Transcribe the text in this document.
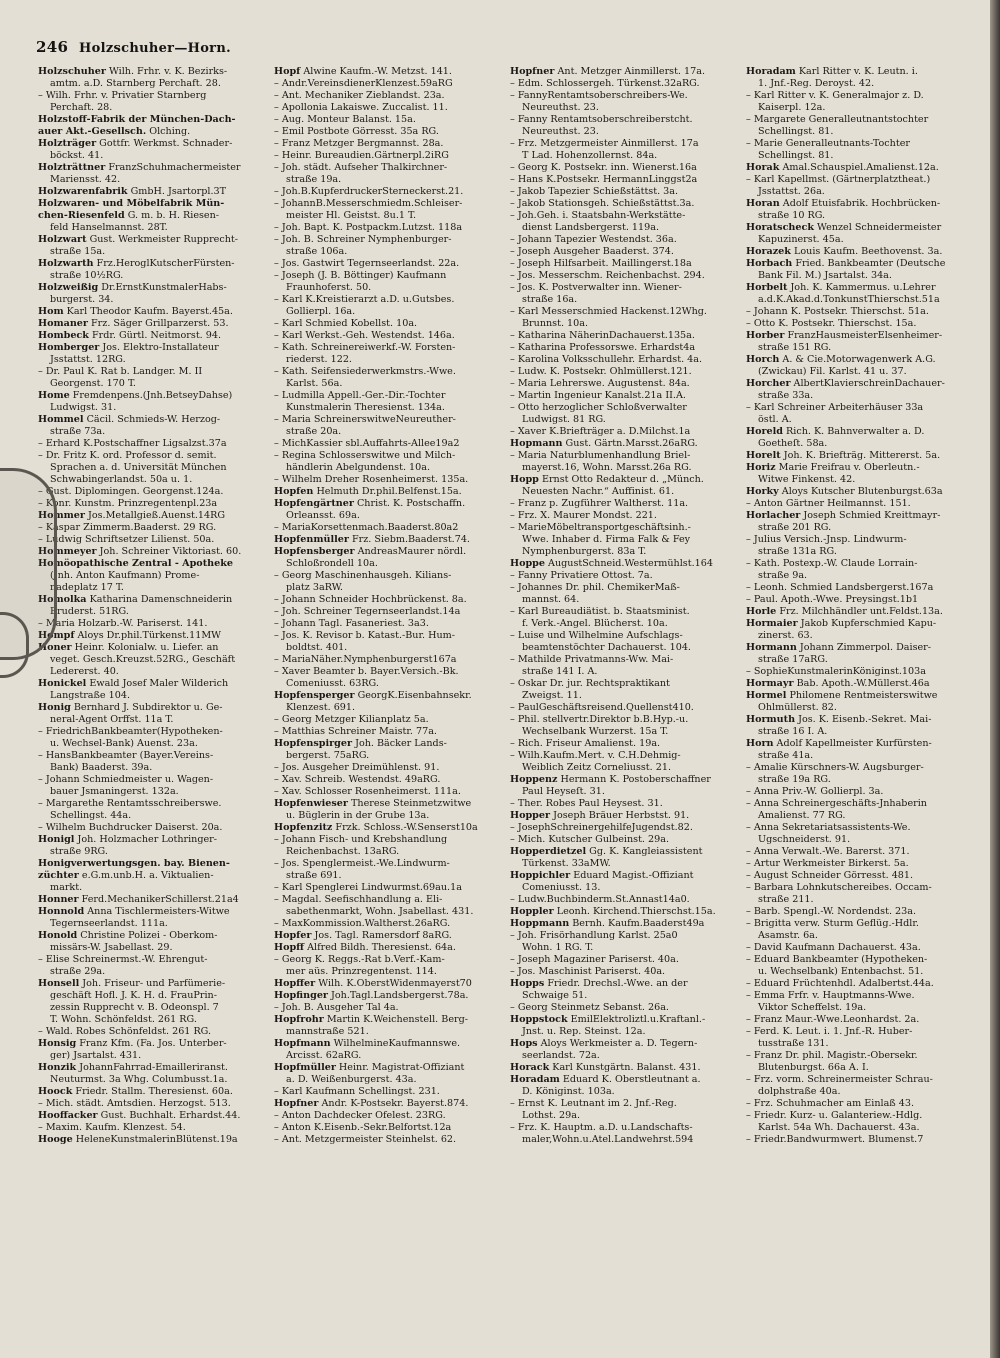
246 Holzschuher—Horn.
Holzschuher Wilh. Frhr. v. K. Bezirks-
amtm. a.D. Starnberg Perchaft. 28.
– Wilh. Frhr. v. Privatier Starnberg
Perchaft. 28.
Holzstoff-Fabrik der München-Dach-
auer Akt.-Gesellsch. Olching.
Holzträger Gottfr. Werkmst. Schnader-
böckst. 41.
Holzträttner FranzSchuhmachermeister
Mariensst. 42.
Holzwarenfabrik GmbH. Jsartorpl.3T
Holzwaren- und Möbelfabrik Mün-
chen-Riesenfeld G. m. b. H. Riesen-
feld Hanselmannst. 28T.
Holzwart Gust. Werkmeister Rupprecht-
straße 15a.
Holzwarth Frz.HeroglKutscherFürsten-
straße 10½RG.
Holzweißig Dr.ErnstKunstmalerHabs-
burgerst. 34.
Hom Karl Theodor Kaufm. Bayerst.45a.
Homaner Frz. Säger Grillparzerst. 53.
Hombeck Frdr. Gürtl. Neitmorst. 94.
Homberger Jos. Elektro-Installateur
Jsstattst. 12RG.
– Dr. Paul K. Rat b. Landger. M. II
Georgenst. 170 T.
Home Fremdenpens.(Jnh.BetseyDahse)
Ludwigst. 31.
Hommel Cäcil. Schmieds-W. Herzog-
straße 73a.
– Erhard K.Postschaffner Ligsalzst.37a
– Dr. Fritz K. ord. Professor d. semit.
Sprachen a. d. Universität München
Schwabingerlandst. 50a u. 1.
– Gust. Diplomingen. Georgenst.124a.
– Konr. Kunstm. Prinzregentenpl.23a
Hommer Jos.Metallgieß.Auenst.14RG
– Kaspar Zimmerm.Baaderst. 29 RG.
– Ludwig Schriftsetzer Lilienst. 50a.
Hommeyer Joh. Schreiner Viktoriast. 60.
Homöopathische Zentral - Apotheke
(Jnh. Anton Kaufmann) Prome-
nadeplatz 17 T.
Homolka Katharina Damenschneiderin
Bruderst. 51RG.
– Maria Holzarb.-W. Pariserst. 141.
Hompf Aloys Dr.phil.Türkenst.11MW
Honer Heinr. Kolonialw. u. Liefer. an
veget. Gesch.Kreuzst.52RG., Geschäft
Ledererst. 40.
Honickel Ewald Josef Maler Wilderich
Langstraße 104.
Honig Bernhard J. Subdirektor u. Ge-
neral-Agent Orffst. 11a T.
– FriedrichBankbeamter(Hypotheken-
u. Wechsel-Bank) Auenst. 23a.
– HansBankbeamter (Bayer.Vereins-
Bank) Baaderst. 39a.
– Johann Schmiedmeister u. Wagen-
bauer Jsmaningerst. 132a.
– Margarethe Rentamtsschreiberswe.
Schellingst. 44a.
– Wilhelm Buchdrucker Daiserst. 20a.
Honigl Joh. Holzmacher Lothringer-
straße 9RG.
Honigverwertungsgen. bay. Bienen-
züchter e.G.m.unb.H. a. Viktualien-
markt.
Honner Ferd.MechanikerSchillerst.21a4
Honnold Anna Tischlermeisters-Witwe
Tegernseerlandst. 111a.
Honold Christine Polizei - Oberkom-
missärs-W. Jsabellast. 29.
– Elise Schreinermst.-W. Ehrengut-
straße 29a.
Honsell Joh. Friseur- und Parfümerie-
geschäft Hofl. J. K. H. d. FrauPrin-
zessin Rupprecht v. B. Odeonspl. 7
T. Wohn. Schönfeldst. 261 RG.
– Wald. Robes Schönfeldst. 261 RG.
Honsig Franz Kfm. (Fa. Jos. Unterber-
ger) Jsartalst. 431.
Honzik JohannFahrrad-Emailleriranst.
Neuturmst. 3a Whg. Columbusst.1a.
Hoock Friedr. Stallm. Theresienst. 60a.
– Mich. städt. Amtsdien. Herzogst. 513.
Hooffacker Gust. Buchhalt. Erhardst.44.
– Maxim. Kaufm. Klenzest. 54.
Hooge HeleneKunstmalerinBlütenst.19a
Hopf Alwine Kaufm.-W. Metzst. 141.
– Andr.VereinsdienerKlenzest.59aRG
– Ant. Mechaniker Zieblandst. 23a.
– Apollonia Lakaiswe. Zuccalist. 11.
– Aug. Monteur Balanst. 15a.
– Emil Postbote Görresst. 35a RG.
– Franz Metzger Bergmannst. 28a.
– Heinr. Bureaudien.Gärtnerpl.2iRG
– Joh. städt. Aufseher Thalkirchner-
straße 19a.
– Joh.B.KupferdruckerSterneckerst.21.
– JohannB.Messerschmiedm.Schleiser-
meister Hl. Geistst. 8u.1 T.
– Joh. Bapt. K. Postpackm.Lutzst. 118a
– Joh. B. Schreiner Nymphenburger-
straße 106a.
– Jos. Gastwirt Tegernseerlandst. 22a.
– Joseph (J. B. Böttinger) Kaufmann
Fraunhoferst. 50.
– Karl K.Kreistierarzt a.D. u.Gutsbes.
Gollierpl. 16a.
– Karl Schmied Kobellst. 10a.
– Karl Werkst.-Geh. Westendst. 146a.
– Kath. Schreinereiwerkf.-W. Forsten-
riederst. 122.
– Kath. Seifensiederwerkmstrs.-Wwe.
Karlst. 56a.
– Ludmilla Appell.-Ger.-Dir.-Tochter
Kunstmalerin Theresienst. 134a.
– Maria SchreinerswitweNeureuther-
straße 20a.
– MichKassier sbl.Auffahrts-Allee19a2
– Regina Schlosserswitwe und Milch-
händlerin Abelgundenst. 10a.
– Wilhelm Dreher Rosenheimerst. 135a.
Hopfen Helmuth Dr.phil.Belfenst.15a.
Hopfengärtner Christ. K. Postschaffn.
Orleansst. 69a.
– MariaKorsettenmach.Baaderst.80a2
Hopfenmüller Frz. Siebm.Baaderst.74.
Hopfensberger AndreasMaurer nördl.
Schloßrondell 10a.
– Georg Maschinenhausgeh. Kilians-
platz 3aRW.
– Johann Schneider Hochbrückenst. 8a.
– Joh. Schreiner Tegernseerlandst.14a
– Johann Tagl. Fasaneriest. 3a3.
– Jos. K. Revisor b. Katast.-Bur. Hum-
boldtst. 401.
– MariaNäher.Nymphenburgerst167a
– Xaver Beamter b. Bayer.Versich.-Bk.
Comeniusst. 63RG.
Hopfensperger GeorgK.Eisenbahnsekr.
Klenzest. 691.
– Georg Metzger Kilianplatz 5a.
– Matthias Schreiner Maistr. 77a.
Hopfenspirger Joh. Bäcker Lands-
bergerst. 75aRG.
– Jos. Ausgeher Dreimühlenst. 91.
– Xav. Schreib. Westendst. 49aRG.
– Xav. Schlosser Rosenheimerst. 111a.
Hopfenwieser Therese Steinmetzwitwe
u. Büglerin in der Grube 13a.
Hopfenzitz Frzk. Schloss.-W.Senserst10a
– Johann Fisch- und Krebshandlung
Reichenbachst. 13aRG.
– Jos. Spenglermeist.-We.Lindwurm-
straße 691.
– Karl Spenglerei Lindwurmst.69au.1a
– Magdal. Seefischhandlung a. Eli-
sabethenmarkt, Wohn. Jsabellast. 431.
– MaxKommission.Waltherst.26aRG.
Hopfer Jos. Tagl. Ramersdorf 8aRG.
Hopff Alfred Bildh. Theresienst. 64a.
– Georg K. Reggs.-Rat b.Verf.-Kam-
mer aüs. Prinzregentenst. 114.
Hopffer Wilh. K.OberstWidenmayerst70
Hopfinger Joh.Tagl.Landsbergerst.78a.
– Joh. B. Ausgeher Tal 4a.
Hopfrohr Martin K.Weichenstell. Berg-
mannstraße 521.
Hopfmann WilhelmineKaufmannswe.
Arcisst. 62aRG.
Hopfmüller Heinr. Magistrat-Offiziant
a. D. Weißenburgerst. 43a.
– Karl Kaufmann Schellingst. 231.
Hopfner Andr. K-Postsekr. Bayerst.874.
– Anton Dachdecker Ofelest. 23RG.
– Anton K.Eisenb.-Sekr.Belfortst.12a
– Ant. Metzgermeister Steinhelst. 62.
Hopfner Ant. Metzger Ainmillerst. 17a.
– Edm. Schlossergeh. Türkenst.32aRG.
– FannyRentamtsoberschreibers-We.
Neureuthst. 23.
– Fanny Rentamtsoberschreiberstcht.
Neureuthst. 23.
– Frz. Metzgermeister Ainmillerst. 17a
T Lad. Hohenzollernst. 84a.
– Georg K. Postsekr. inn. Wienerst.16a
– Hans K.Postsekr. HermannLinggst2a
– Jakob Tapezier Schießstättst. 3a.
– Jakob Stationsgeh. Schießstättst.3a.
– Joh.Geh. i. Staatsbahn-Werkstätte-
dienst Landsbergerst. 119a.
– Johann Tapezier Westendst. 36a.
– Joseph Ausgeher Baaderst. 374.
– Joseph Hilfsarbeit. Maillingerst.18a
– Jos. Messerschm. Reichenbachst. 294.
– Jos. K. Postverwalter inn. Wiener-
straße 16a.
– Karl Messerschmied Hackenst.12Whg.
Brunnst. 10a.
– Katharina NäherinDachauerst.135a.
– Katharina Professorswe. Erhardst4a
– Karolina Volksschullehr. Erhardst. 4a.
– Ludw. K. Postsekr. Ohlmüllerst.121.
– Maria Lehrerswe. Augustenst. 84a.
– Martin Ingenieur Kanalst.21a II.A.
– Otto herzoglicher Schloßverwalter
Ludwigst. 81 RG.
– Xaver K.Briefträger a. D.Milchst.1a
Hopmann Gust. Gärtn.Marsst.26aRG.
– Maria Naturblumenhandlung Briel-
mayerst.16, Wohn. Marsst.26a RG.
Hopp Ernst Otto Redakteur d. „Münch.
Neuesten Nachr.“ Auffinist. 61.
– Franz p. Zugführer Waltherst. 11a.
– Frz. X. Maurer Mondst. 221.
– MarieMöbeltransportgeschäftsinh.-
Wwe. Inhaber d. Firma Falk & Fey
Nymphenburgerst. 83a T.
Hoppe AugustSchneid.Westermühlst.164
– Fanny Privatiere Ottost. 7a.
– Johannes Dr. phil. ChemikerMaß-
mannst. 64.
– Karl Bureaudiätist. b. Staatsminist.
f. Verk.-Angel. Blücherst. 10a.
– Luise und Wilhelmine Aufschlags-
beamtenstöchter Dachauerst. 104.
– Mathilde Privatmanns-Ww. Mai-
straße 141 I. A.
– Oskar Dr. jur. Rechtspraktikant
Zweigst. 11.
– PaulGeschäftsreisend.Quellenst410.
– Phil. stellvertr.Direktor b.B.Hyp.-u.
Wechselbank Wurzerst. 15a T.
– Rich. Friseur Amalienst. 19a.
– Wilh.Kaufm.Mert. v. C.H.Dehmig-
Weiblich Zeitz Corneliusst. 21.
Hoppenz Hermann K. Postoberschaffner
Paul Heyseſt. 31.
– Ther. Robes Paul Heysest. 31.
Hopper Joseph Bräuer Herbstst. 91.
– JosephSchreinergehilfeJugendst.82.
– Mich. Kutscher Gulbeinst. 29a.
Hopperdietzel Gg. K. Kangleiassistent
Türkenst. 33aMW.
Hoppichler Eduard Magist.-Offiziant
Comeniusst. 13.
– Ludw.Buchbinderm.St.Annast14a0.
Hoppler Leonh. Kirchend.Thierschst.15a.
Hoppmann Bernh. Kaufm.Baaderst49a
– Joh. Frisörhandlung Karlst. 25a0
Wohn. 1 RG. T.
– Joseph Magaziner Pariserst. 40a.
– Jos. Maschinist Pariserst. 40a.
Hopps Friedr. Drechsl.-Wwe. an der
Schwaige 51.
– Georg Steinmetz Sebanst. 26a.
Hoppstock EmilElektroliztl.u.Kraftanl.-
Jnst. u. Rep. Steinst. 12a.
Hops Aloys Werkmeister a. D. Tegern-
seerlandst. 72a.
Horack Karl Kunstgärtn. Balanst. 431.
Horadam Eduard K. Oberstleutnant a.
D. Königinst. 103a.
– Ernst K. Leutnant im 2. Jnf.-Reg.
Lothst. 29a.
– Frz. K. Hauptm. a.D. u.Landschafts-
maler,Wohn.u.Atel.Landwehrst.594
Horadam Karl Ritter v. K. Leutn. i.
1. Jnf.-Reg. Deroyst. 42.
– Karl Ritter v. K. Generalmajor z. D.
Kaiserpl. 12a.
– Margarete Generalleutnantstochter
Schellingst. 81.
– Marie Generalleutnants-Tochter
Schellingst. 81.
Horak Amal.Schauspiel.Amalienst.12a.
– Karl Kapellmst. (Gärtnerplatztheat.)
Jsstattst. 26a.
Horan Adolf Etuisfabrik. Hochbrücken-
straße 10 RG.
Horatscheck Wenzel Schneidermeister
Kapuzinerst. 45a.
Horazek Louis Kaufm. Beethovenst. 3a.
Horbach Fried. Bankbeamter (Deutsche
Bank Fil. M.) Jsartalst. 34a.
Horbelt Joh. K. Kammermus. u.Lehrer
a.d.K.Akad.d.TonkunstThierschst.51a
– Johann K. Postsekr. Thierschst. 51a.
– Otto K. Postsekr. Thierschst. 15a.
Horber FranzHausmeisterElsenheimer-
straße 151 RG.
Horch A. & Cie.Motorwagenwerk A.G.
(Zwickau) Fil. Karlst. 41 u. 37.
Horcher AlbertKlavierschreinDachauer-
straße 33a.
– Karl Schreiner Arbeiterhäuser 33a
östl. A.
Horeld Rich. K. Bahnverwalter a. D.
Goetheſt. 58a.
Horelt Joh. K. Briefträg. Mittererst. 5a.
Horiz Marie Freifrau v. Oberleutn.-
Witwe Finkenst. 42.
Horky Aloys Kutscher Blutenburgst.63a
– Anton Gärtner Heilmannst. 151.
Horlacher Joseph Schmied Kreittmayr-
straße 201 RG.
– Julius Versich.-Jnsp. Lindwurm-
straße 131a RG.
– Kath. Postexp.-W. Claude Lorrain-
straße 9a.
– Leonh. Schmied Landsbergerst.167a
– Paul. Apoth.-Wwe. Preysingst.1b1
Horle Frz. Milchhändler unt.Feldst.13a.
Hormaier Jakob Kupferschmied Kapu-
zinerst. 63.
Hormann Johann Zimmerpol. Daiser-
straße 17aRG.
– SophieKunstmalerinKöniginst.103a
Hormayr Bab. Apoth.-W.Müllerst.46a
Hormel Philomene Rentmeisterswitwe
Ohlmüllerst. 82.
Hormuth Jos. K. Eisenb.-Sekret. Mai-
straße 16 I. A.
Horn Adolf Kapellmeister Kurfürsten-
straße 41a.
– Amalie Kürschners-W. Augsburger-
straße 19a RG.
– Anna Priv.-W. Gollierpl. 3a.
– Anna Schreinergeschäfts-Jnhaberin
Amalienst. 77 RG.
– Anna Sekretariatsassistents-We.
Ugschneiderst. 91.
– Anna Verwalt.-We. Barerst. 371.
– Artur Werkmeister Birkerst. 5a.
– August Schneider Görresst. 481.
– Barbara Lohnkutschereibes. Occam-
straße 211.
– Barb. Spengl.-W. Nordendst. 23a.
– Brigitta verw. Sturm Geflüg.-Hdlr.
Asamstr. 6a.
– David Kaufmann Dachauerst. 43a.
– Eduard Bankbeamter (Hypotheken-
u. Wechselbank) Entenbachst. 51.
– Eduard Früchtenhdl. Adalbertst.44a.
– Emma Frfr. v. Hauptmanns-Wwe.
Viktor Scheffelst. 19a.
– Franz Maur.-Wwe.Leonhardst. 2a.
– Ferd. K. Leut. i. 1. Jnf.-R. Huber-
tusstraße 131.
– Franz Dr. phil. Magistr.-Obersekr.
Blutenburgst. 66a A. I.
– Frz. vorm. Schreinermeister Schrau-
dolphstraße 40a.
– Frz. Schuhmacher am Einlaß 43.
– Friedr. Kurz- u. Galanteriew.-Hdlg.
Karlst. 54a Wh. Dachauerst. 43a.
– Friedr.Bandwurmwert. Blumenst.7
